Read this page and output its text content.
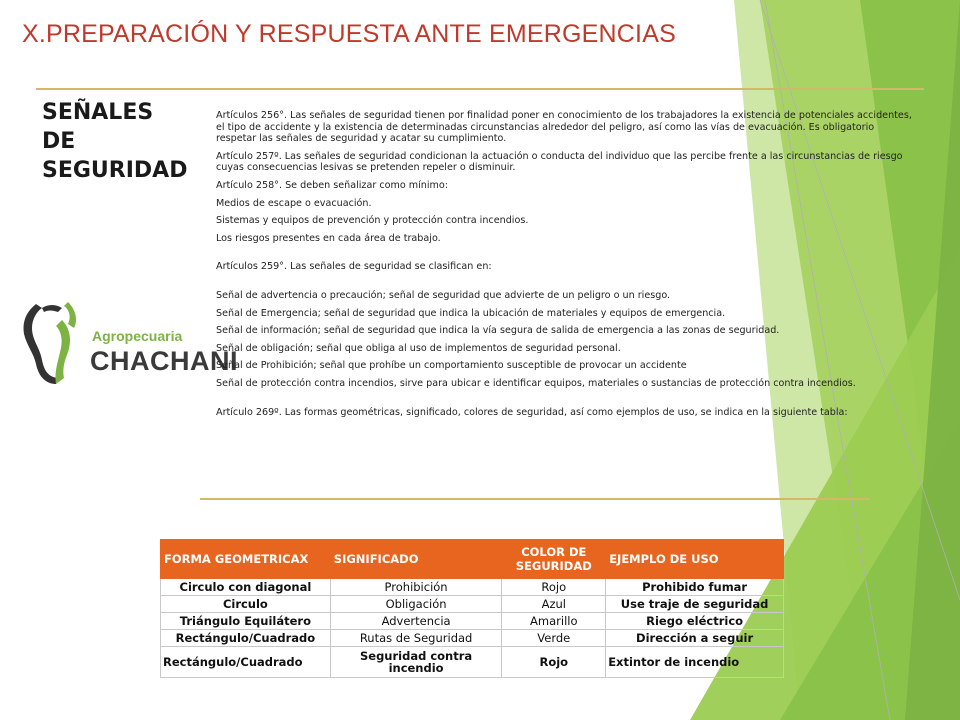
X.PREPARACIÓN Y RESPUESTA ANTE EMERGENCIAS
SEÑALES
DE
SEGURIDAD
Agropecuaria
CHACHANI

Artículos 256°. Las señales de seguridad tienen por finalidad poner en conocimiento de los trabajadores la existencia de potenciales accidentes, el tipo de accidente y la existencia de determinadas circunstancias alrededor del peligro, así como las vías de evacuación. Es obligatorio respetar las señales de seguridad y acatar su cumplimiento.

Artículo 257º. Las señales de seguridad condicionan la actuación o conducta del individuo que las percibe frente a las circunstancias de riesgo cuyas consecuencias lesivas se pretenden repeler o disminuir.

Artículo 258°. Se deben señalizar como mínimo:

Medios de escape o evacuación.

Sistemas y equipos de prevención y protección contra incendios.

Los riesgos presentes en cada área de trabajo.

Artículos 259°. Las señales de seguridad se clasifican en:

Señal de advertencia o precaución; señal de seguridad que advierte de un peligro o un riesgo.

Señal de Emergencia; señal de seguridad que indica la ubicación de materiales y equipos de emergencia.

Señal de información; señal de seguridad que indica la vía segura de salida de emergencia a las zonas de seguridad.

Señal de obligación; señal que obliga al uso de implementos de seguridad personal.

Señal de Prohibición; señal que prohíbe un comportamiento susceptible de provocar un accidente

Señal de protección contra incendios, sirve para ubicar e identificar equipos, materiales o sustancias de protección contra incendios.

Artículo 269º. Las formas geométricas, significado, colores de seguridad, así como ejemplos de uso, se indica en la siguiente tabla:

FORMA GEOMETRICAX	SIGNIFICADO	COLOR DE SEGURIDAD	EJEMPLO DE USO
Circulo con diagonal	Prohibición	Rojo	Prohibido fumar
Circulo	Obligación	Azul	Use traje de seguridad
Triángulo Equilátero	Advertencia	Amarillo	Riego eléctrico
Rectángulo/Cuadrado	Rutas de Seguridad	Verde	Dirección a seguir
Rectángulo/Cuadrado	Seguridad contra incendio	Rojo	Extintor de incendio
